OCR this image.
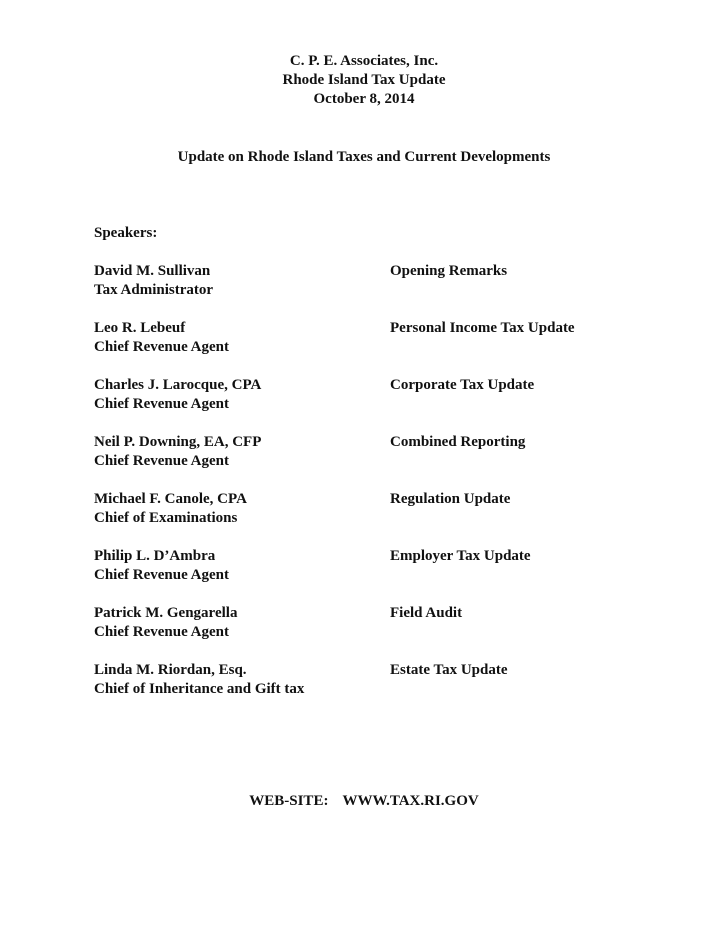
C. P. E. Associates, Inc.
Rhode Island Tax Update
October 8, 2014
Update on Rhode Island Taxes and Current Developments
Speakers:
David M. Sullivan
Tax Administrator
Opening Remarks
Leo R. Lebeuf
Chief Revenue Agent
Personal Income Tax Update
Charles J. Larocque, CPA
Chief Revenue Agent
Corporate Tax Update
Neil P. Downing, EA, CFP
Chief Revenue Agent
Combined Reporting
Michael F. Canole, CPA
Chief of Examinations
Regulation Update
Philip L. D’Ambra
Chief Revenue Agent
Employer Tax Update
Patrick M. Gengarella
Chief Revenue Agent
Field Audit
Linda M. Riordan, Esq.
Chief of Inheritance and Gift tax
Estate Tax Update
WEB-SITE: WWW.TAX.RI.GOV
